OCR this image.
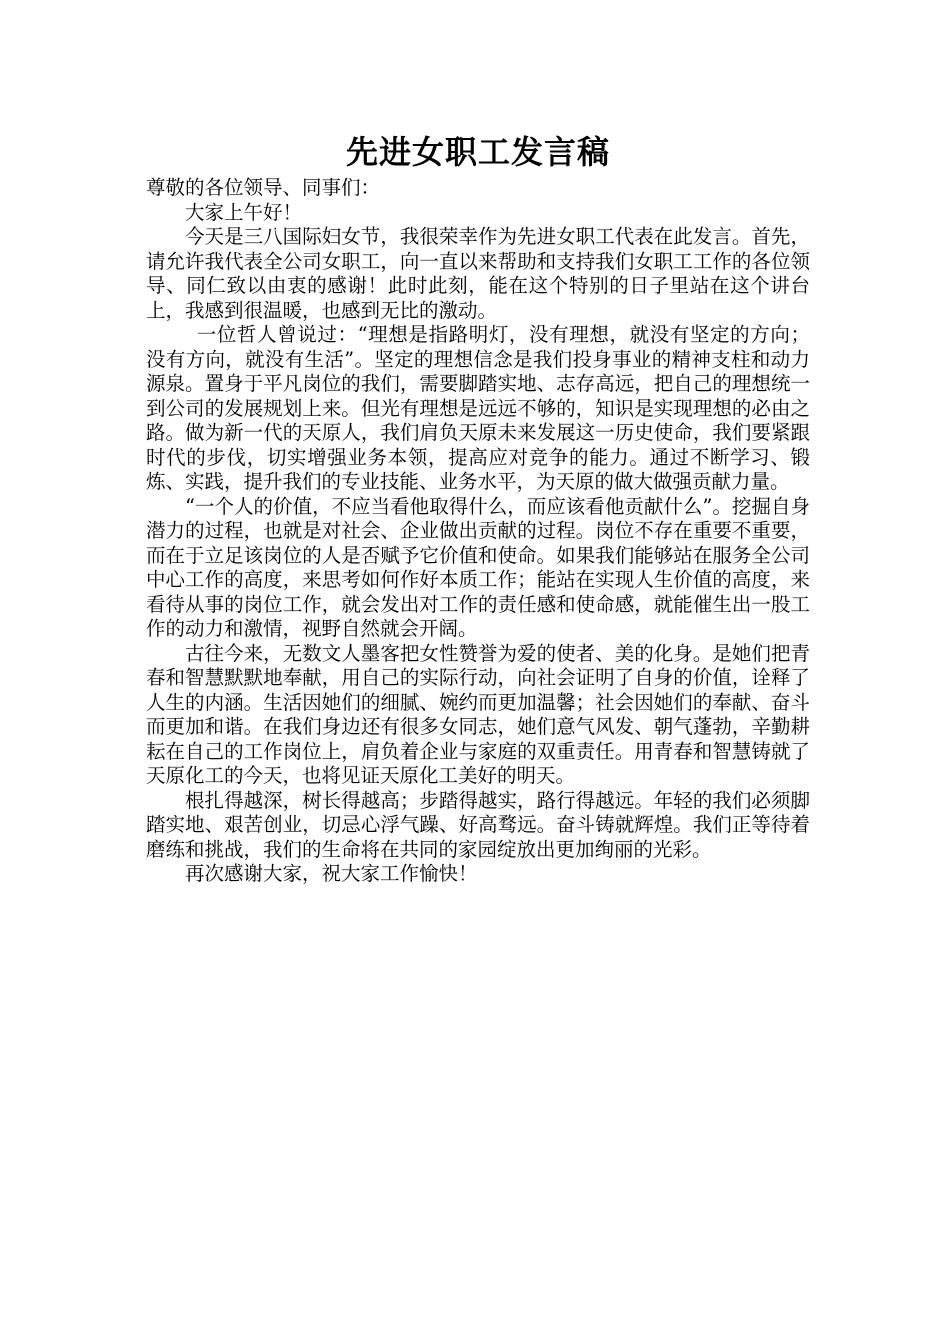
先进女职工发言稿

尊敬的各位领导、同事们：

大家上午好！

今天是三八国际妇女节，我很荣幸作为先进女职工代表在此发言。首先，请允许我代表全公司女职工，向一直以来帮助和支持我们女职工工作的各位领导、同仁致以由衷的感谢！此时此刻，能在这个特别的日子里站在这个讲台上，我感到很温暖，也感到无比的激动。

一位哲人曾说过：“理想是指路明灯，没有理想，就没有坚定的方向；没有方向，就没有生活”。坚定的理想信念是我们投身事业的精神支柱和动力源泉。置身于平凡岗位的我们，需要脚踏实地、志存高远，把自己的理想统一到公司的发展规划上来。但光有理想是远远不够的，知识是实现理想的必由之路。做为新一代的天原人，我们肩负天原未来发展这一历史使命，我们要紧跟时代的步伐，切实增强业务本领，提高应对竞争的能力。通过不断学习、锻炼、实践，提升我们的专业技能、业务水平，为天原的做大做强贡献力量。

“一个人的价值，不应当看他取得什么，而应该看他贡献什么”。挖掘自身潜力的过程，也就是对社会、企业做出贡献的过程。岗位不存在重要不重要，而在于立足该岗位的人是否赋予它价值和使命。如果我们能够站在服务全公司中心工作的高度，来思考如何作好本质工作；能站在实现人生价值的高度，来看待从事的岗位工作，就会发出对工作的责任感和使命感，就能催生出一股工作的动力和激情，视野自然就会开阔。

古往今来，无数文人墨客把女性赞誉为爱的使者、美的化身。是她们把青春和智慧默默地奉献，用自己的实际行动，向社会证明了自身的价值，诠释了人生的内涵。生活因她们的细腻、婉约而更加温馨；社会因她们的奉献、奋斗而更加和谐。在我们身边还有很多女同志，她们意气风发、朝气蓬勃，辛勤耕耘在自己的工作岗位上，肩负着企业与家庭的双重责任。用青春和智慧铸就了天原化工的今天，也将见证天原化工美好的明天。

根扎得越深，树长得越高；步踏得越实，路行得越远。年轻的我们必须脚踏实地、艰苦创业，切忌心浮气躁、好高骛远。奋斗铸就辉煌。我们正等待着磨练和挑战，我们的生命将在共同的家园绽放出更加绚丽的光彩。

再次感谢大家，祝大家工作愉快！
